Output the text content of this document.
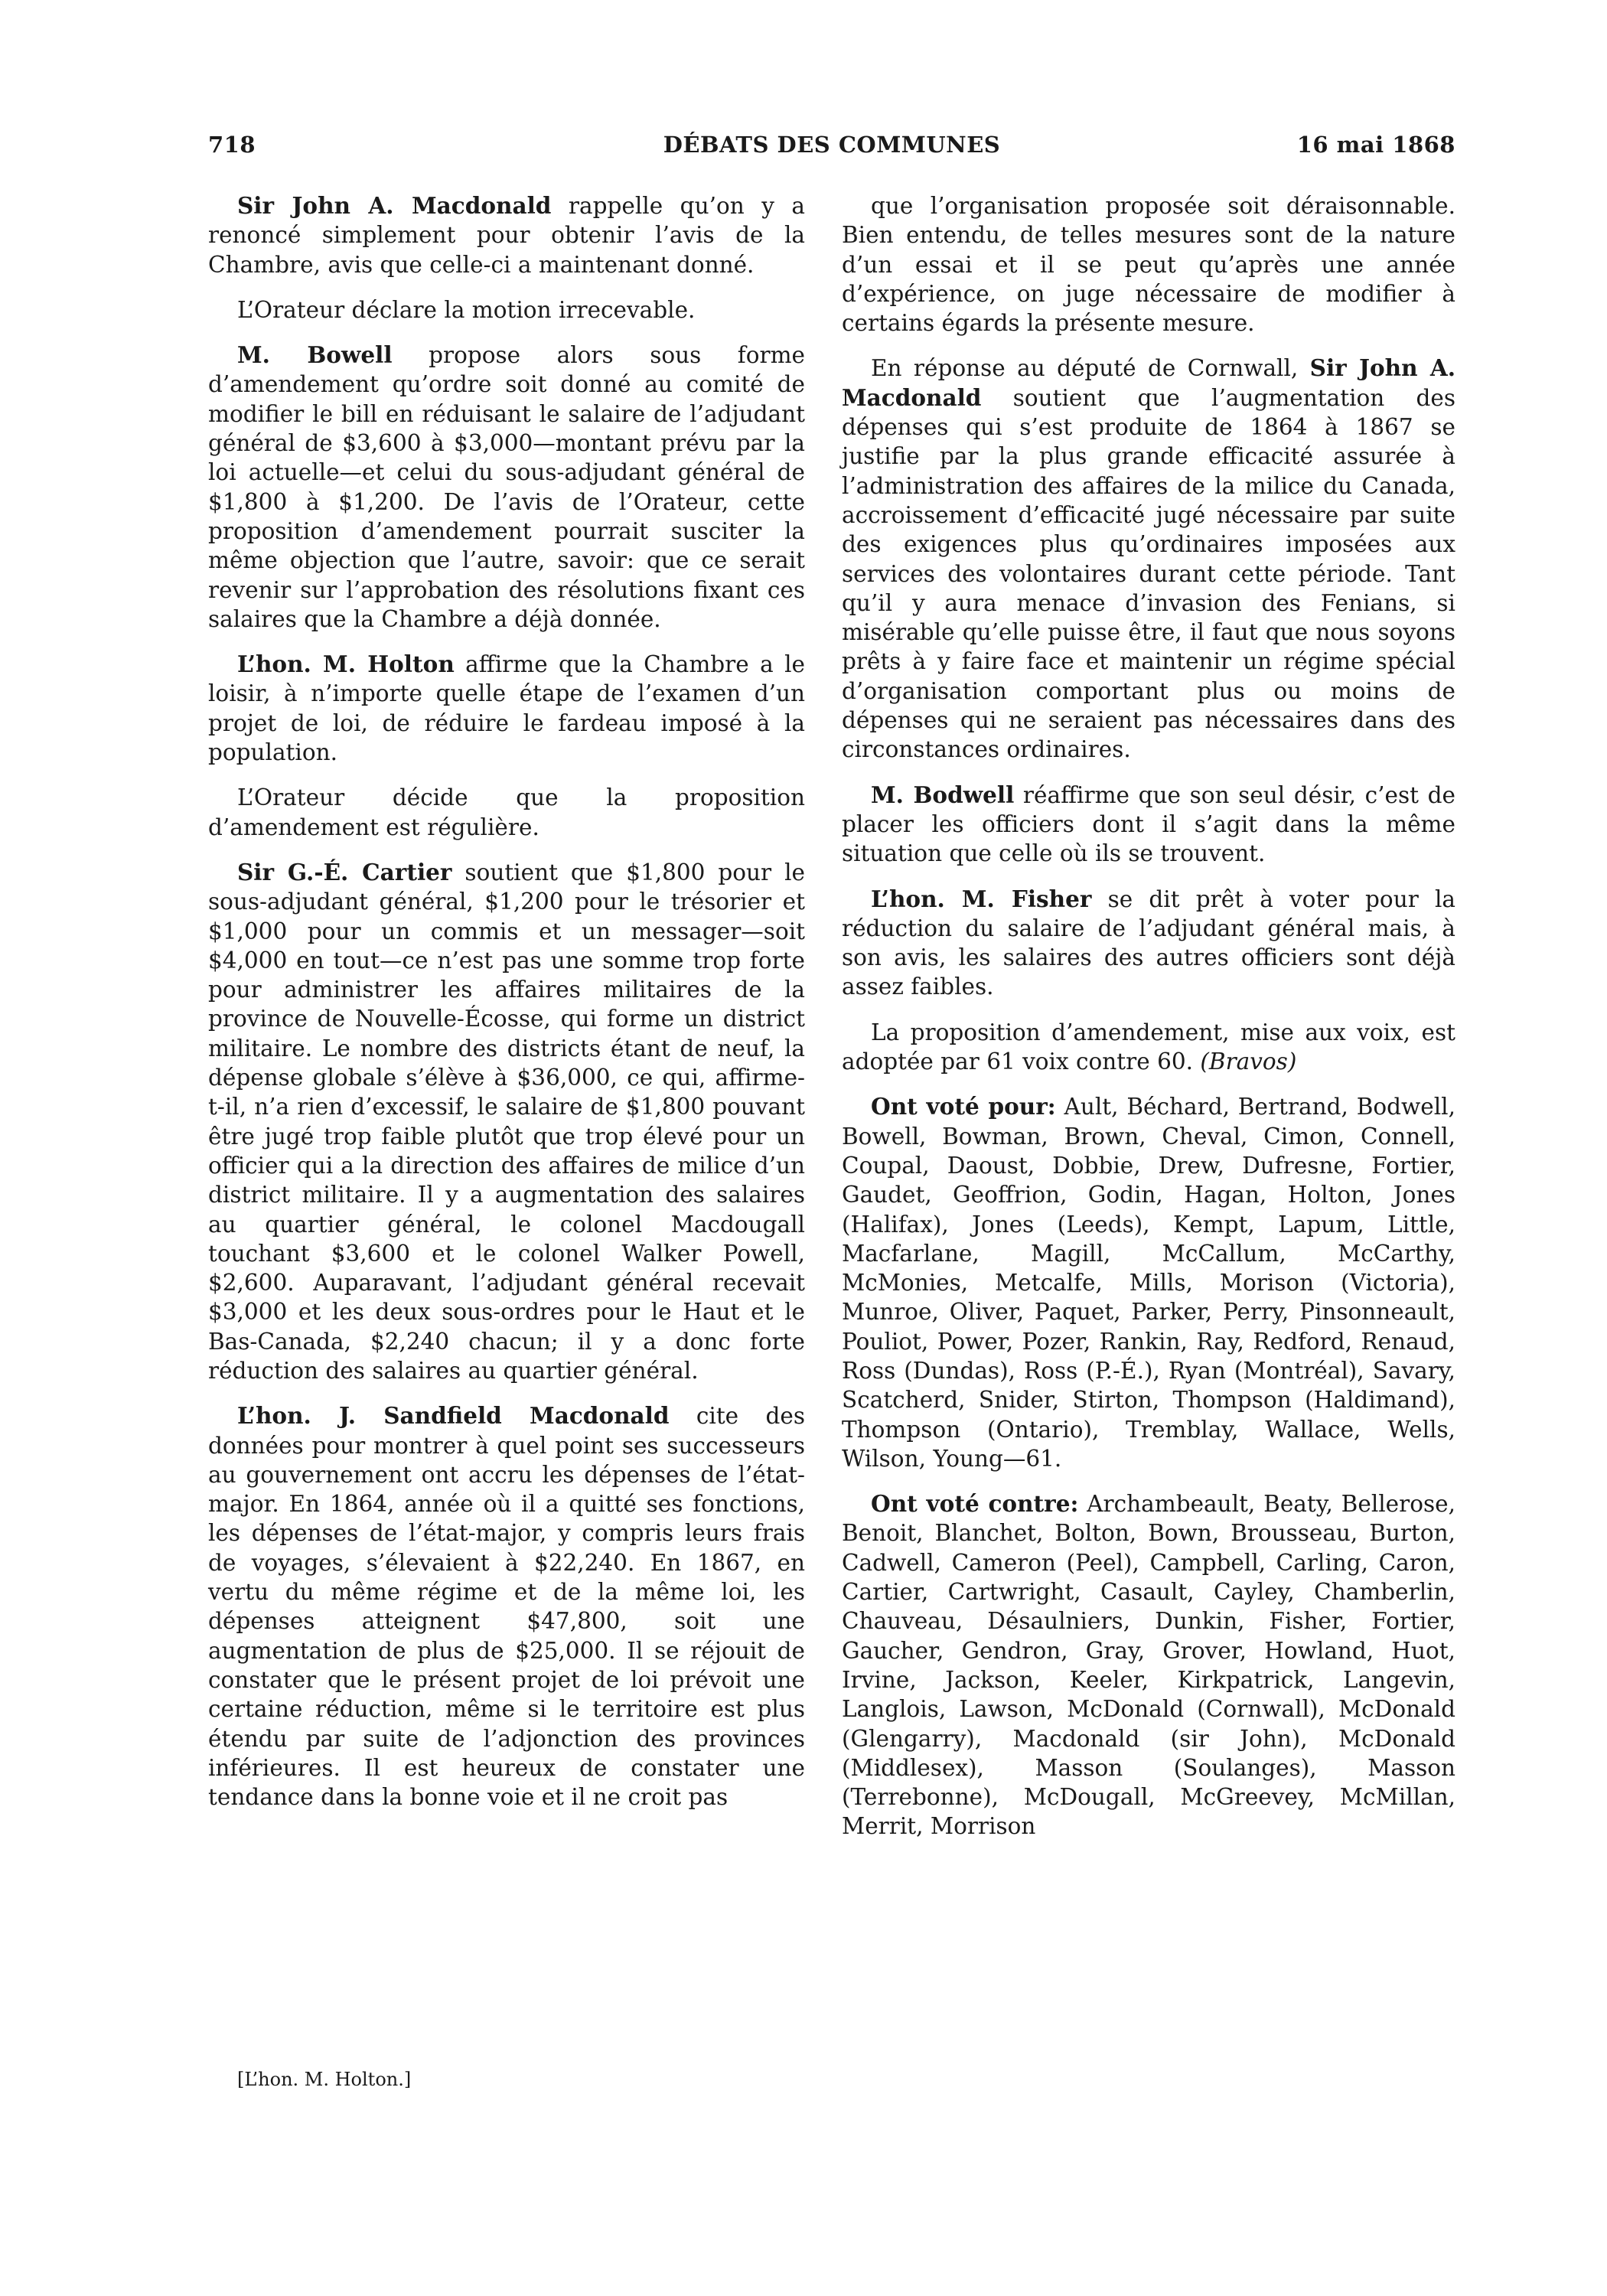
718	DÉBATS DES COMMUNES	16 mai 1868

Sir John A. Macdonald rappelle qu’on y a renoncé simplement pour obtenir l’avis de la Chambre, avis que celle-ci a maintenant donné.

L’Orateur déclare la motion irrecevable.

M. Bowell propose alors sous forme d’amendement qu’ordre soit donné au comité de modifier le bill en réduisant le salaire de l’adjudant général de $3,600 à $3,000—montant prévu par la loi actuelle—et celui du sous-adjudant général de $1,800 à $1,200. De l’avis de l’Orateur, cette proposition d’amendement pourrait susciter la même objection que l’autre, savoir: que ce serait revenir sur l’approbation des résolutions fixant ces salaires que la Chambre a déjà donnée.

L’hon. M. Holton affirme que la Chambre a le loisir, à n’importe quelle étape de l’examen d’un projet de loi, de réduire le fardeau imposé à la population.

L’Orateur décide que la proposition d’amendement est régulière.

Sir G.-É. Cartier soutient que $1,800 pour le sous-adjudant général, $1,200 pour le trésorier et $1,000 pour un commis et un messager—soit $4,000 en tout—ce n’est pas une somme trop forte pour administrer les affaires militaires de la province de Nouvelle-Écosse, qui forme un district militaire. Le nombre des districts étant de neuf, la dépense globale s’élève à $36,000, ce qui, affirme-t-il, n’a rien d’excessif, le salaire de $1,800 pouvant être jugé trop faible plutôt que trop élevé pour un officier qui a la direction des affaires de milice d’un district militaire. Il y a augmentation des salaires au quartier général, le colonel Macdougall touchant $3,600 et le colonel Walker Powell, $2,600. Auparavant, l’adjudant général recevait $3,000 et les deux sous-ordres pour le Haut et le Bas-Canada, $2,240 chacun; il y a donc forte réduction des salaires au quartier général.

L’hon. J. Sandfield Macdonald cite des données pour montrer à quel point ses successeurs au gouvernement ont accru les dépenses de l’état-major. En 1864, année où il a quitté ses fonctions, les dépenses de l’état-major, y compris leurs frais de voyages, s’élevaient à $22,240. En 1867, en vertu du même régime et de la même loi, les dépenses atteignent $47,800, soit une augmentation de plus de $25,000. Il se réjouit de constater que le présent projet de loi prévoit une certaine réduction, même si le territoire est plus étendu par suite de l’adjonction des provinces inférieures. Il est heureux de constater une tendance dans la bonne voie et il ne croit pas

que l’organisation proposée soit déraisonnable. Bien entendu, de telles mesures sont de la nature d’un essai et il se peut qu’après une année d’expérience, on juge nécessaire de modifier à certains égards la présente mesure.

En réponse au député de Cornwall, Sir John A. Macdonald soutient que l’augmentation des dépenses qui s’est produite de 1864 à 1867 se justifie par la plus grande efficacité assurée à l’administration des affaires de la milice du Canada, accroissement d’efficacité jugé nécessaire par suite des exigences plus qu’ordinaires imposées aux services des volontaires durant cette période. Tant qu’il y aura menace d’invasion des Fenians, si misérable qu’elle puisse être, il faut que nous soyons prêts à y faire face et maintenir un régime spécial d’organisation comportant plus ou moins de dépenses qui ne seraient pas nécessaires dans des circonstances ordinaires.

M. Bodwell réaffirme que son seul désir, c’est de placer les officiers dont il s’agit dans la même situation que celle où ils se trouvent.

L’hon. M. Fisher se dit prêt à voter pour la réduction du salaire de l’adjudant général mais, à son avis, les salaires des autres officiers sont déjà assez faibles.

La proposition d’amendement, mise aux voix, est adoptée par 61 voix contre 60. (Bravos)

Ont voté pour: Ault, Béchard, Bertrand, Bodwell, Bowell, Bowman, Brown, Cheval, Cimon, Connell, Coupal, Daoust, Dobbie, Drew, Dufresne, Fortier, Gaudet, Geoffrion, Godin, Hagan, Holton, Jones (Halifax), Jones (Leeds), Kempt, Lapum, Little, Macfarlane, Magill, McCallum, McCarthy, McMonies, Metcalfe, Mills, Morison (Victoria), Munroe, Oliver, Paquet, Parker, Perry, Pinsonneault, Pouliot, Power, Pozer, Rankin, Ray, Redford, Renaud, Ross (Dundas), Ross (P.-É.), Ryan (Montréal), Savary, Scatcherd, Snider, Stirton, Thompson (Haldimand), Thompson (Ontario), Tremblay, Wallace, Wells, Wilson, Young—61.

Ont voté contre: Archambeault, Beaty, Bellerose, Benoit, Blanchet, Bolton, Bown, Brousseau, Burton, Cadwell, Cameron (Peel), Campbell, Carling, Caron, Cartier, Cartwright, Casault, Cayley, Chamberlin, Chauveau, Désaulniers, Dunkin, Fisher, Fortier, Gaucher, Gendron, Gray, Grover, Howland, Huot, Irvine, Jackson, Keeler, Kirkpatrick, Langevin, Langlois, Lawson, McDonald (Cornwall), McDonald (Glengarry), Macdonald (sir John), McDonald (Middlesex), Masson (Soulanges), Masson (Terrebonne), McDougall, McGreevey, McMillan, Merrit, Morrison

[L’hon. M. Holton.]
